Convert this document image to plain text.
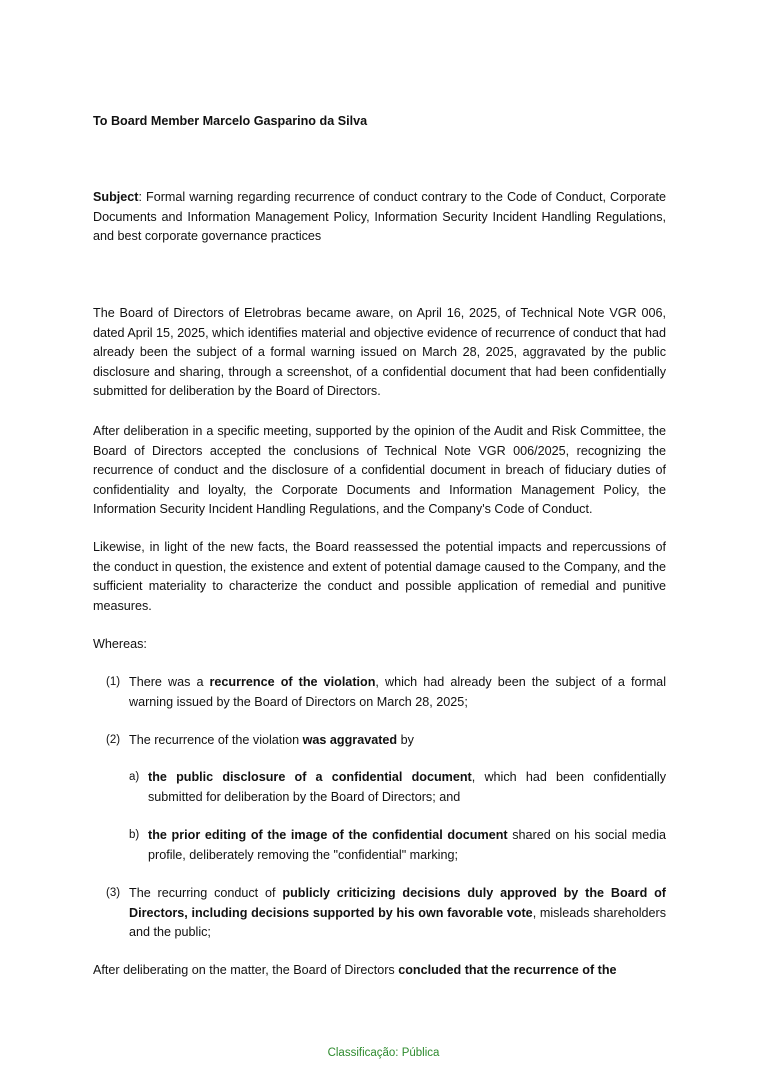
To Board Member Marcelo Gasparino da Silva

Subject: Formal warning regarding recurrence of conduct contrary to the Code of Conduct, Corporate Documents and Information Management Policy, Information Security Incident Handling Regulations, and best corporate governance practices

The Board of Directors of Eletrobras became aware, on April 16, 2025, of Technical Note VGR 006, dated April 15, 2025, which identifies material and objective evidence of recurrence of conduct that had already been the subject of a formal warning issued on March 28, 2025, aggravated by the public disclosure and sharing, through a screenshot, of a confidential document that had been confidentially submitted for deliberation by the Board of Directors.

After deliberation in a specific meeting, supported by the opinion of the Audit and Risk Committee, the Board of Directors accepted the conclusions of Technical Note VGR 006/2025, recognizing the recurrence of conduct and the disclosure of a confidential document in breach of fiduciary duties of confidentiality and loyalty, the Corporate Documents and Information Management Policy, the Information Security Incident Handling Regulations, and the Company's Code of Conduct.

Likewise, in light of the new facts, the Board reassessed the potential impacts and repercussions of the conduct in question, the existence and extent of potential damage caused to the Company, and the sufficient materiality to characterize the conduct and possible application of remedial and punitive measures.

Whereas:

(1) There was a recurrence of the violation, which had already been the subject of a formal warning issued by the Board of Directors on March 28, 2025;

(2) The recurrence of the violation was aggravated by

a) the public disclosure of a confidential document, which had been confidentially submitted for deliberation by the Board of Directors; and

b) the prior editing of the image of the confidential document shared on his social media profile, deliberately removing the "confidential" marking;

(3) The recurring conduct of publicly criticizing decisions duly approved by the Board of Directors, including decisions supported by his own favorable vote, misleads shareholders and the public;

After deliberating on the matter, the Board of Directors concluded that the recurrence of the

Classificação: Pública
